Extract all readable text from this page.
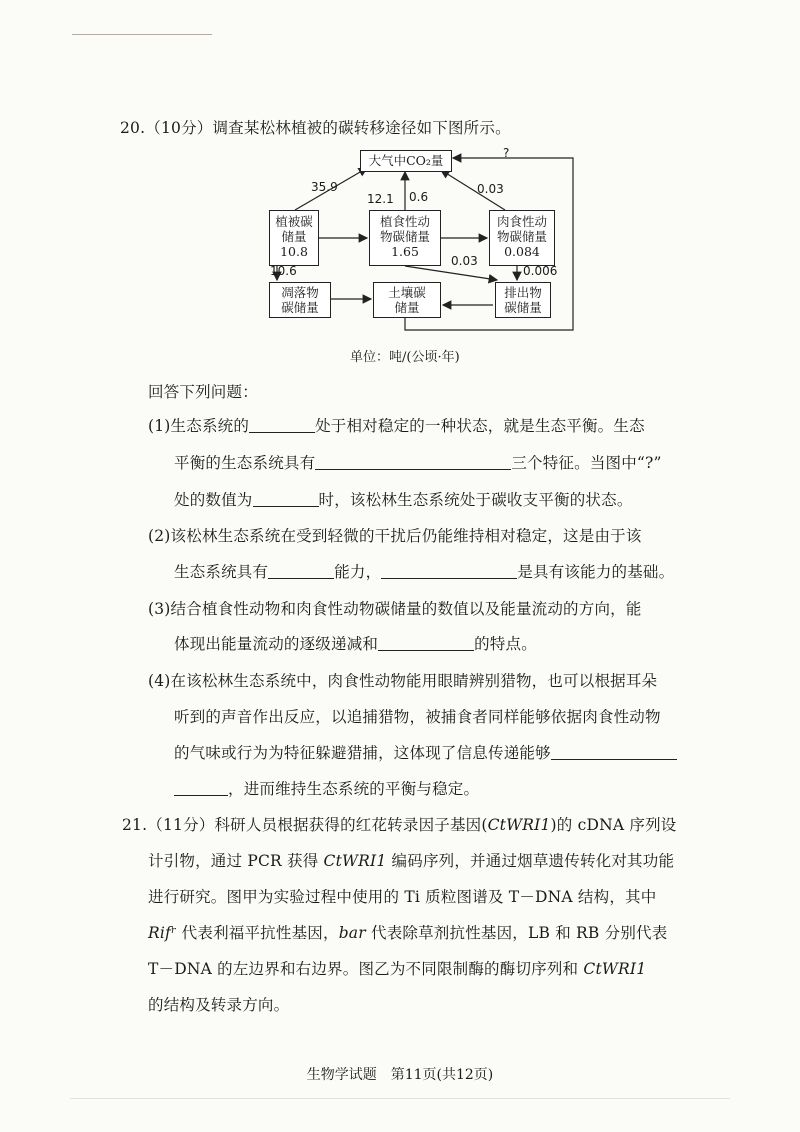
20.（10分）调查某松林植被的碳转移途径如下图所示。
大气中CO₂量
植被碳
储量
10.8
植食性动
物碳储量
1.65
肉食性动
物碳储量
0.084
凋落物
碳储量
土壤碳
储量
排出物
碳储量
35.9
12.1 0.6
0.03
?
10.6
0.03
0.006
单位：吨/(公顷·年)
回答下列问题：
(1)生态系统的	处于相对稳定的一种状态，就是生态平衡。生态
平衡的生态系统具有	三个特征。当图中“?”
处的数值为	时，该松林生态系统处于碳收支平衡的状态。
(2)该松林生态系统在受到轻微的干扰后仍能维持相对稳定，这是由于该
生态系统具有	能力，	是具有该能力的基础。
(3)结合植食性动物和肉食性动物碳储量的数值以及能量流动的方向，能
体现出能量流动的逐级递减和	的特点。
(4)在该松林生态系统中，肉食性动物能用眼睛辨别猎物，也可以根据耳朵
听到的声音作出反应，以追捕猎物，被捕食者同样能够依据肉食性动物
的气味或行为为特征躲避猎捕，这体现了信息传递能够
，进而维持生态系统的平衡与稳定。
21.（11分）科研人员根据获得的红花转录因子基因(CtWRI1)的 cDNA 序列设
计引物，通过 PCR 获得 CtWRI1 编码序列，并通过烟草遗传转化对其功能
进行研究。图甲为实验过程中使用的 Ti 质粒图谱及 T－DNA 结构，其中
Rifʳ 代表利福平抗性基因，bar 代表除草剂抗性基因，LB 和 RB 分别代表
T－DNA 的左边界和右边界。图乙为不同限制酶的酶切序列和 CtWRI1
的结构及转录方向。
生物学试题　第11页(共12页)
